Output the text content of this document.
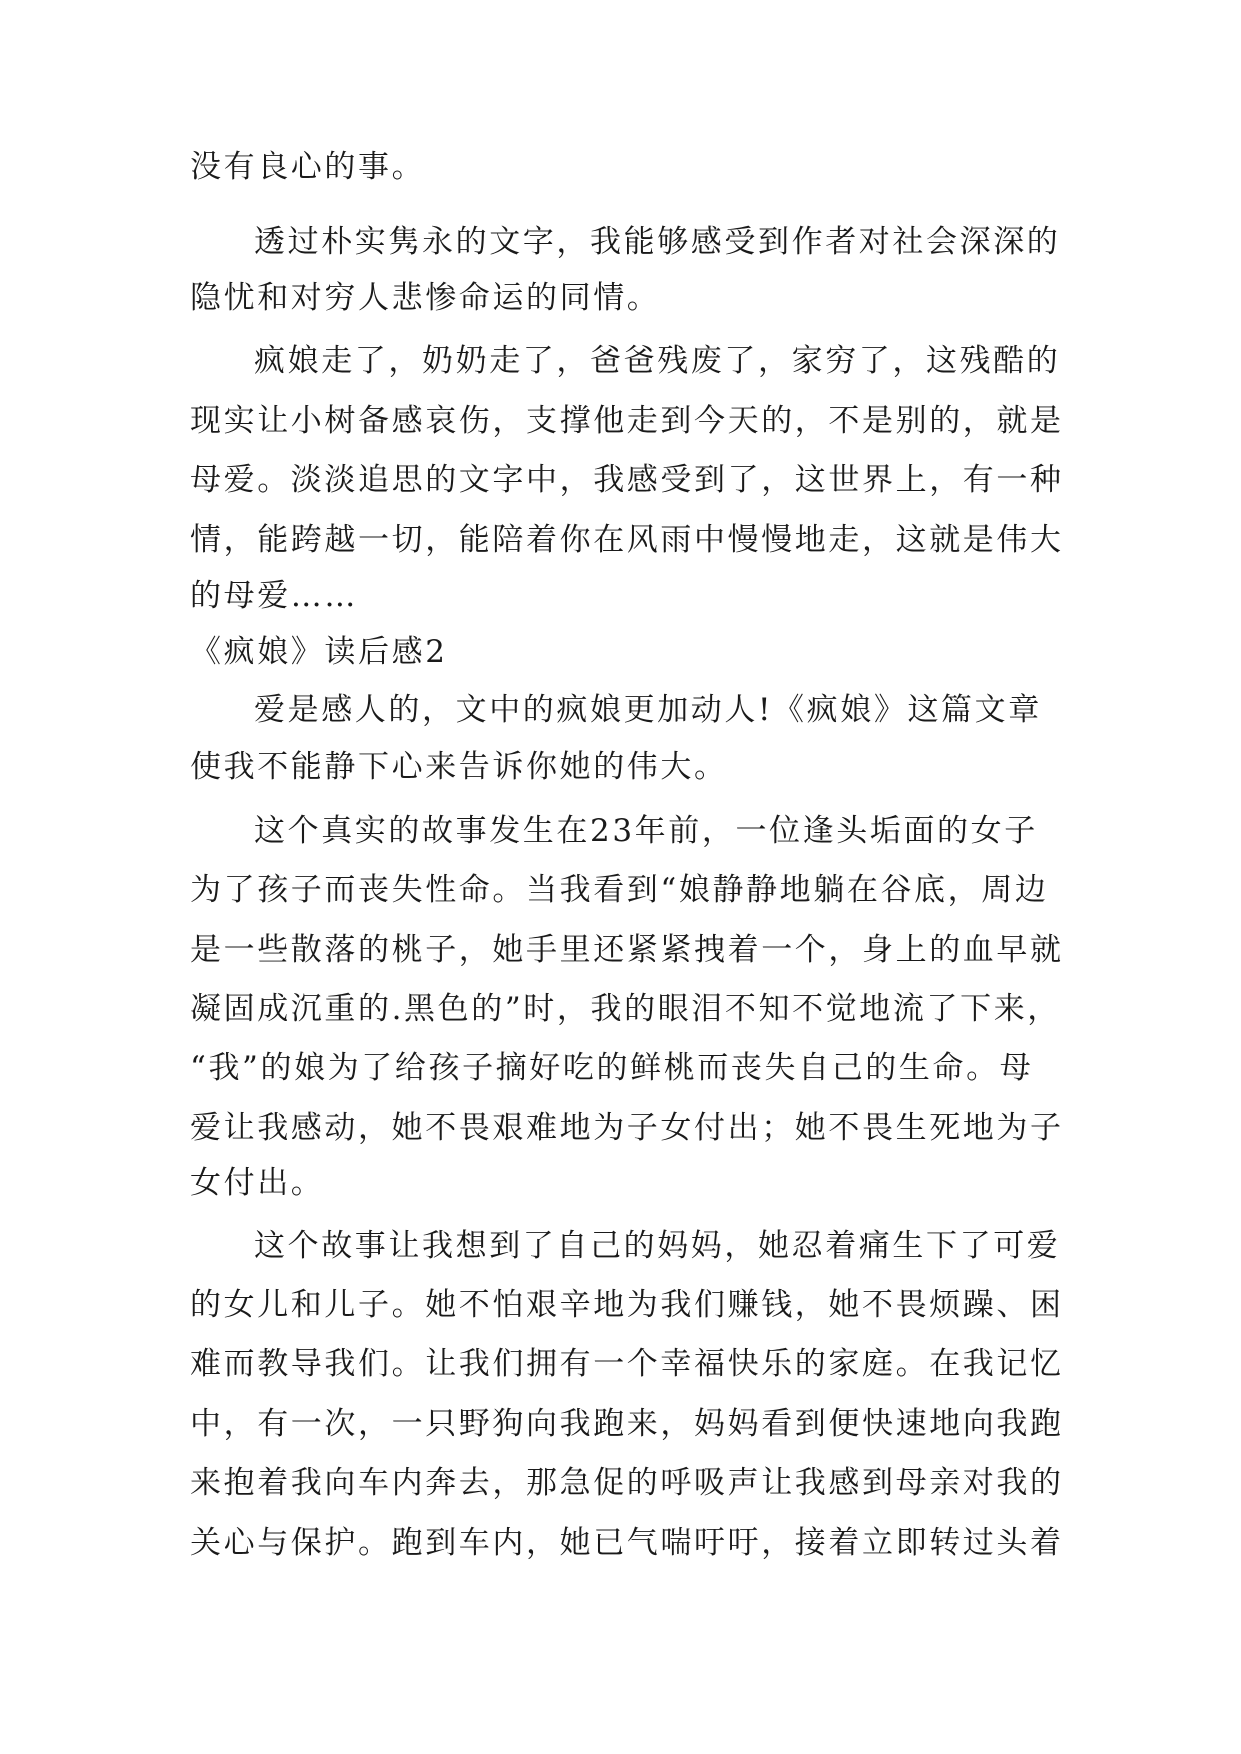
没有良心的事。
透过朴实隽永的文字，我能够感受到作者对社会深深的
隐忧和对穷人悲惨命运的同情。
疯娘走了，奶奶走了，爸爸残废了，家穷了，这残酷的
现实让小树备感哀伤，支撑他走到今天的，不是别的，就是
母爱。淡淡追思的文字中，我感受到了，这世界上，有一种
情，能跨越一切，能陪着你在风雨中慢慢地走，这就是伟大
的母爱……
《疯娘》读后感2
爱是感人的，文中的疯娘更加动人!《疯娘》这篇文章
使我不能静下心来告诉你她的伟大。
这个真实的故事发生在23年前，一位逢头垢面的女子
为了孩子而丧失性命。当我看到“娘静静地躺在谷底，周边
是一些散落的桃子，她手里还紧紧拽着一个，身上的血早就
凝固成沉重的.黑色的”时，我的眼泪不知不觉地流了下来，
“我”的娘为了给孩子摘好吃的鲜桃而丧失自己的生命。母
爱让我感动，她不畏艰难地为子女付出；她不畏生死地为子
女付出。
这个故事让我想到了自己的妈妈，她忍着痛生下了可爱
的女儿和儿子。她不怕艰辛地为我们赚钱，她不畏烦躁、困
难而教导我们。让我们拥有一个幸福快乐的家庭。在我记忆
中，有一次，一只野狗向我跑来，妈妈看到便快速地向我跑
来抱着我向车内奔去，那急促的呼吸声让我感到母亲对我的
关心与保护。跑到车内，她已气喘吁吁，接着立即转过头着
